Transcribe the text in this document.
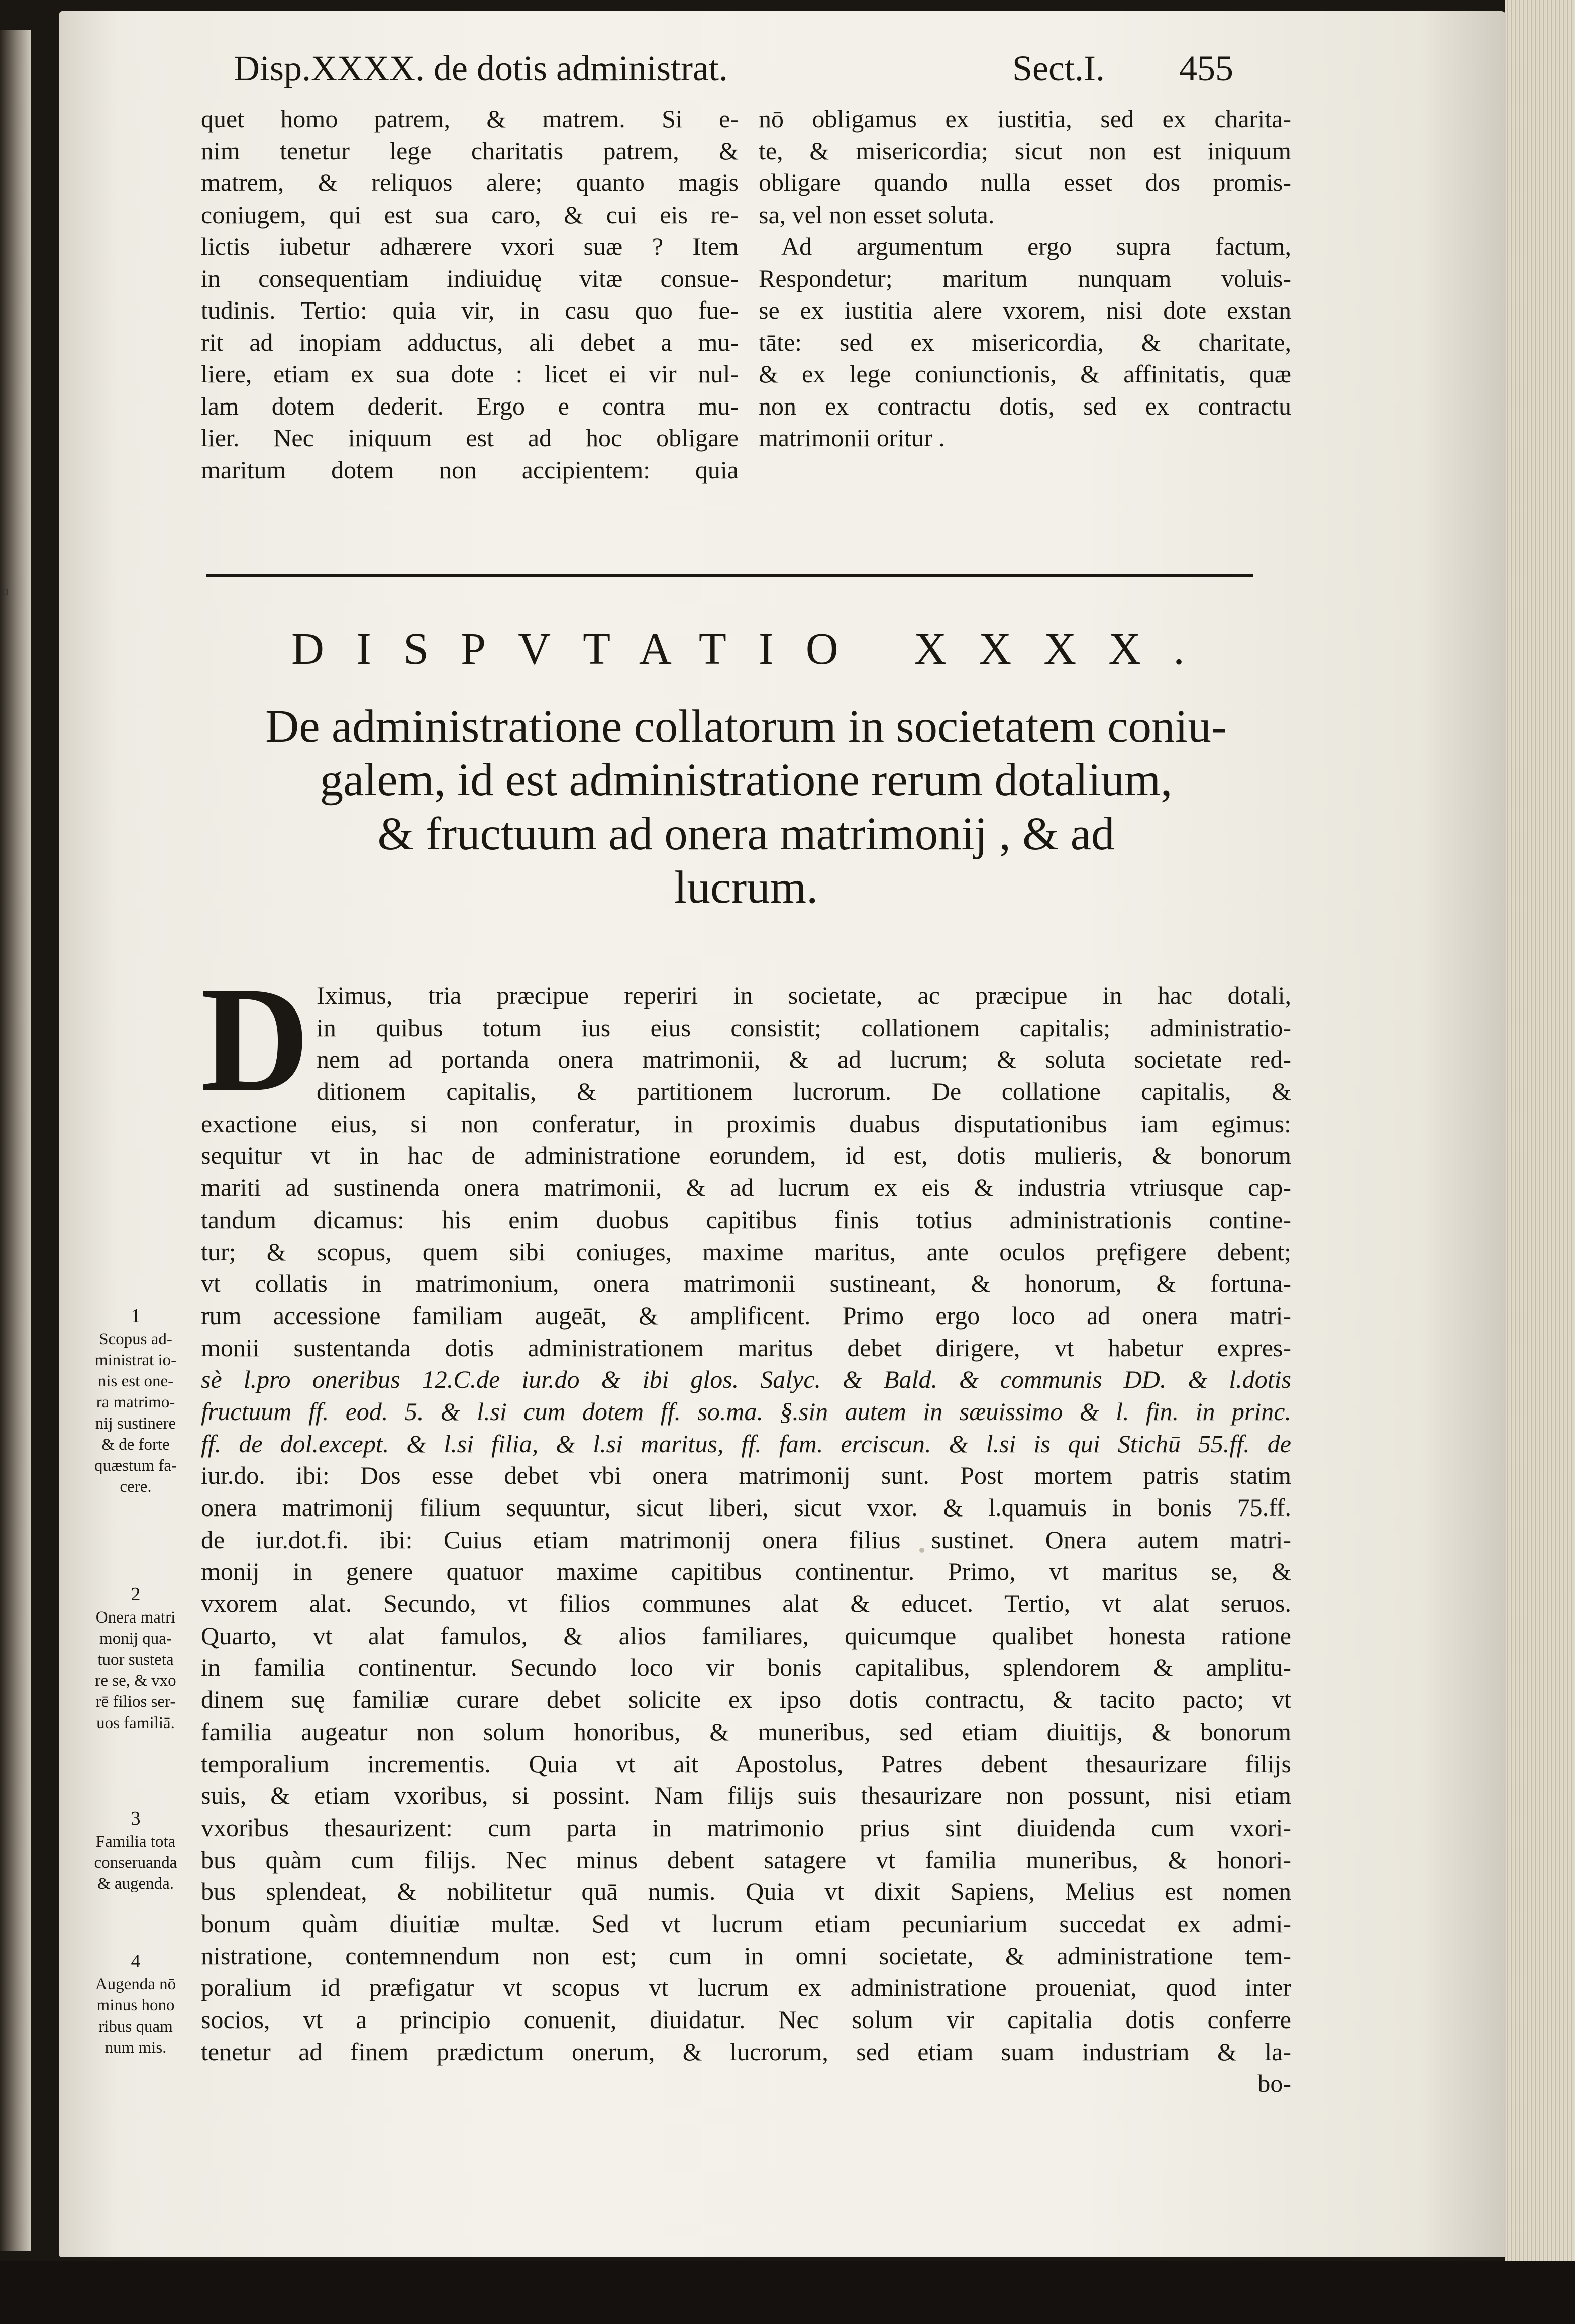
u
Disp.XXXX. de dotis administrat.	Sect.I. 455
quet homo patrem, & matrem. Si e-
nim tenetur lege charitatis patrem, &
matrem, & reliquos alere; quanto magis
coniugem, qui est sua caro, & cui eis re-
lictis iubetur adhærere vxori suæ ? Item
in consequentiam indiuiduę vitæ consue-
tudinis. Tertio: quia vir, in casu quo fue-
rit ad inopiam adductus, ali debet a mu-
liere, etiam ex sua dote : licet ei vir nul-
lam dotem dederit. Ergo e contra mu-
lier. Nec iniquum est ad hoc obligare
maritum dotem non accipientem: quia
nō obligamus ex iustitia, sed ex charita-
te, & misericordia; sicut non est iniquum
obligare quando nulla esset dos promis-
sa, vel non esset soluta.
Ad argumentum ergo supra factum,
Respondetur; maritum nunquam voluis-
se ex iustitia alere vxorem, nisi dote exstan
tāte: sed ex misericordia, & charitate,
& ex lege coniunctionis, & affinitatis, quæ
non ex contractu dotis, sed ex contractu
matrimonii oritur .
DISPVTATIO XXXX.
De administratione collatorum in societatem coniu-
galem, id est administratione rerum dotalium,
& fructuum ad onera matrimonij , & ad
lucrum.
D Iximus, tria præcipue reperiri in societate, ac præcipue in hac dotali,
in quibus totum ius eius consistit; collationem capitalis; administratio-
nem ad portanda onera matrimonii, & ad lucrum; & soluta societate red-
ditionem capitalis, & partitionem lucrorum. De collatione capitalis, &
exactione eius, si non conferatur, in proximis duabus disputationibus iam egimus:
sequitur vt in hac de administratione eorundem, id est, dotis mulieris, & bonorum
mariti ad sustinenda onera matrimonii, & ad lucrum ex eis & industria vtriusque cap-
tandum dicamus: his enim duobus capitibus finis totius administrationis contine-
tur; & scopus, quem sibi coniuges, maxime maritus, ante oculos pręfigere debent;
vt collatis in matrimonium, onera matrimonii sustineant, & honorum, & fortuna-
rum accessione familiam augeāt, & amplificent. Primo ergo loco ad onera matri-
monii sustentanda dotis administrationem maritus debet dirigere, vt habetur expres-
sè l.pro oneribus 12.C.de iur.do & ibi glos. Salyc. & Bald. & communis DD. & l.dotis
fructuum ff. eod. 5. & l.si cum dotem ff. so.ma. §.sin autem in sæuissimo & l. fin. in princ.
ff. de dol.except. & l.si filia, & l.si maritus, ff. fam. erciscun. & l.si is qui Stichū 55.ff. de
iur.do. ibi: Dos esse debet vbi onera matrimonij sunt. Post mortem patris statim
onera matrimonij filium sequuntur, sicut liberi, sicut vxor. & l.quamuis in bonis 75.ff.
de iur.dot.fi. ibi: Cuius etiam matrimonij onera filius sustinet. Onera autem matri-
monij in genere quatuor maxime capitibus continentur. Primo, vt maritus se, &
vxorem alat. Secundo, vt filios communes alat & educet. Tertio, vt alat seruos.
Quarto, vt alat famulos, & alios familiares, quicumque qualibet honesta ratione
in familia continentur. Secundo loco vir bonis capitalibus, splendorem & amplitu-
dinem suę familiæ curare debet solicite ex ipso dotis contractu, & tacito pacto; vt
familia augeatur non solum honoribus, & muneribus, sed etiam diuitijs, & bonorum
temporalium incrementis. Quia vt ait Apostolus, Patres debent thesaurizare filijs
suis, & etiam vxoribus, si possint. Nam filijs suis thesaurizare non possunt, nisi etiam
vxoribus thesaurizent: cum parta in matrimonio prius sint diuidenda cum vxori-
bus quàm cum filijs. Nec minus debent satagere vt familia muneribus, & honori-
bus splendeat, & nobilitetur quā numis. Quia vt dixit Sapiens, Melius est nomen
bonum quàm diuitiæ multæ. Sed vt lucrum etiam pecuniarium succedat ex admi-
nistratione, contemnendum non est; cum in omni societate, & administratione tem-
poralium id præfigatur vt scopus vt lucrum ex administratione proueniat, quod inter
socios, vt a principio conuenit, diuidatur. Nec solum vir capitalia dotis conferre
tenetur ad finem prædictum onerum, & lucrorum, sed etiam suam industriam & la-
bo-
1
Scopus ad-
ministrat io-
nis est one-
ra matrimo-
nij sustinere
& de forte
quæstum fa-
cere.
2
Onera matri
monij qua-
tuor susteta
re se, & vxo
rē filios ser-
uos familiā.
3
Familia tota
conseruanda
& augenda.
4
Augenda nō
minus hono
ribus quam
num mis.
